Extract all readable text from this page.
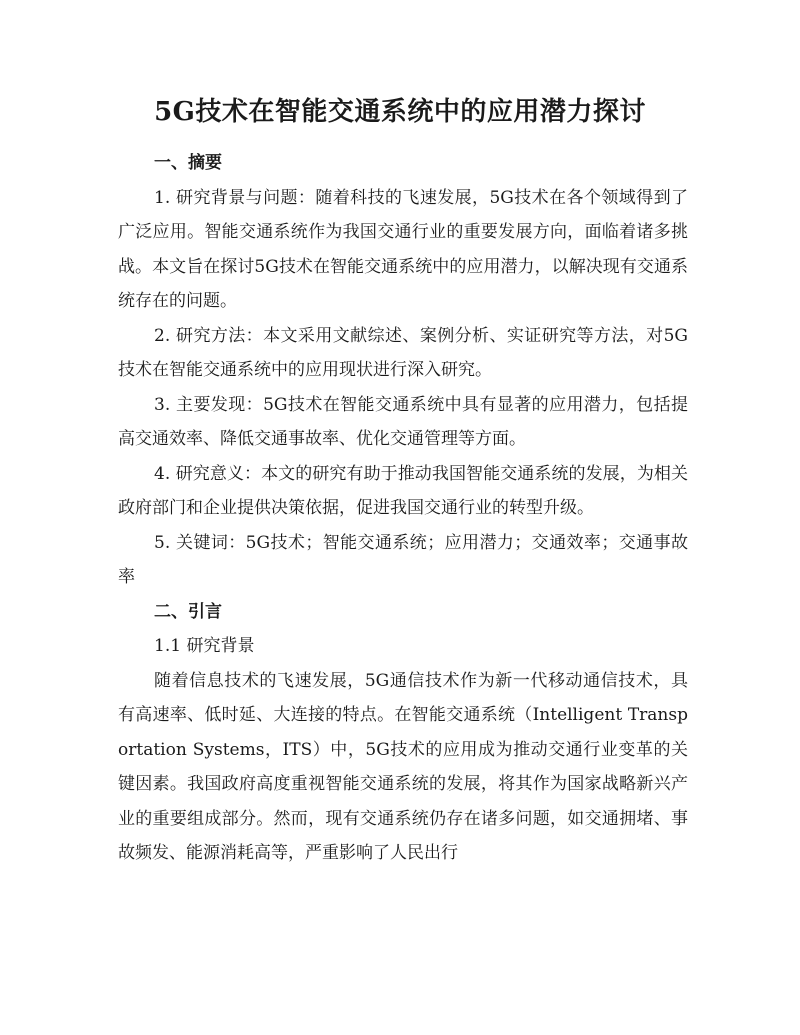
5G技术在智能交通系统中的应用潜力探讨

一、摘要

1. 研究背景与问题：随着科技的飞速发展，5G技术在各个领域得到了广泛应用。智能交通系统作为我国交通行业的重要发展方向，面临着诸多挑战。本文旨在探讨5G技术在智能交通系统中的应用潜力，以解决现有交通系统存在的问题。

2. 研究方法：本文采用文献综述、案例分析、实证研究等方法，对5G技术在智能交通系统中的应用现状进行深入研究。

3. 主要发现：5G技术在智能交通系统中具有显著的应用潜力，包括提高交通效率、降低交通事故率、优化交通管理等方面。

4. 研究意义：本文的研究有助于推动我国智能交通系统的发展，为相关政府部门和企业提供决策依据，促进我国交通行业的转型升级。

5. 关键词：5G技术；智能交通系统；应用潜力；交通效率；交通事故率

二、引言

1.1 研究背景

随着信息技术的飞速发展，5G通信技术作为新一代移动通信技术，具有高速率、低时延、大连接的特点。在智能交通系统（Intelligent Transportation Systems，ITS）中，5G技术的应用成为推动交通行业变革的关键因素。我国政府高度重视智能交通系统的发展，将其作为国家战略新兴产业的重要组成部分。然而，现有交通系统仍存在诸多问题，如交通拥堵、事故频发、能源消耗高等，严重影响了人民出行
